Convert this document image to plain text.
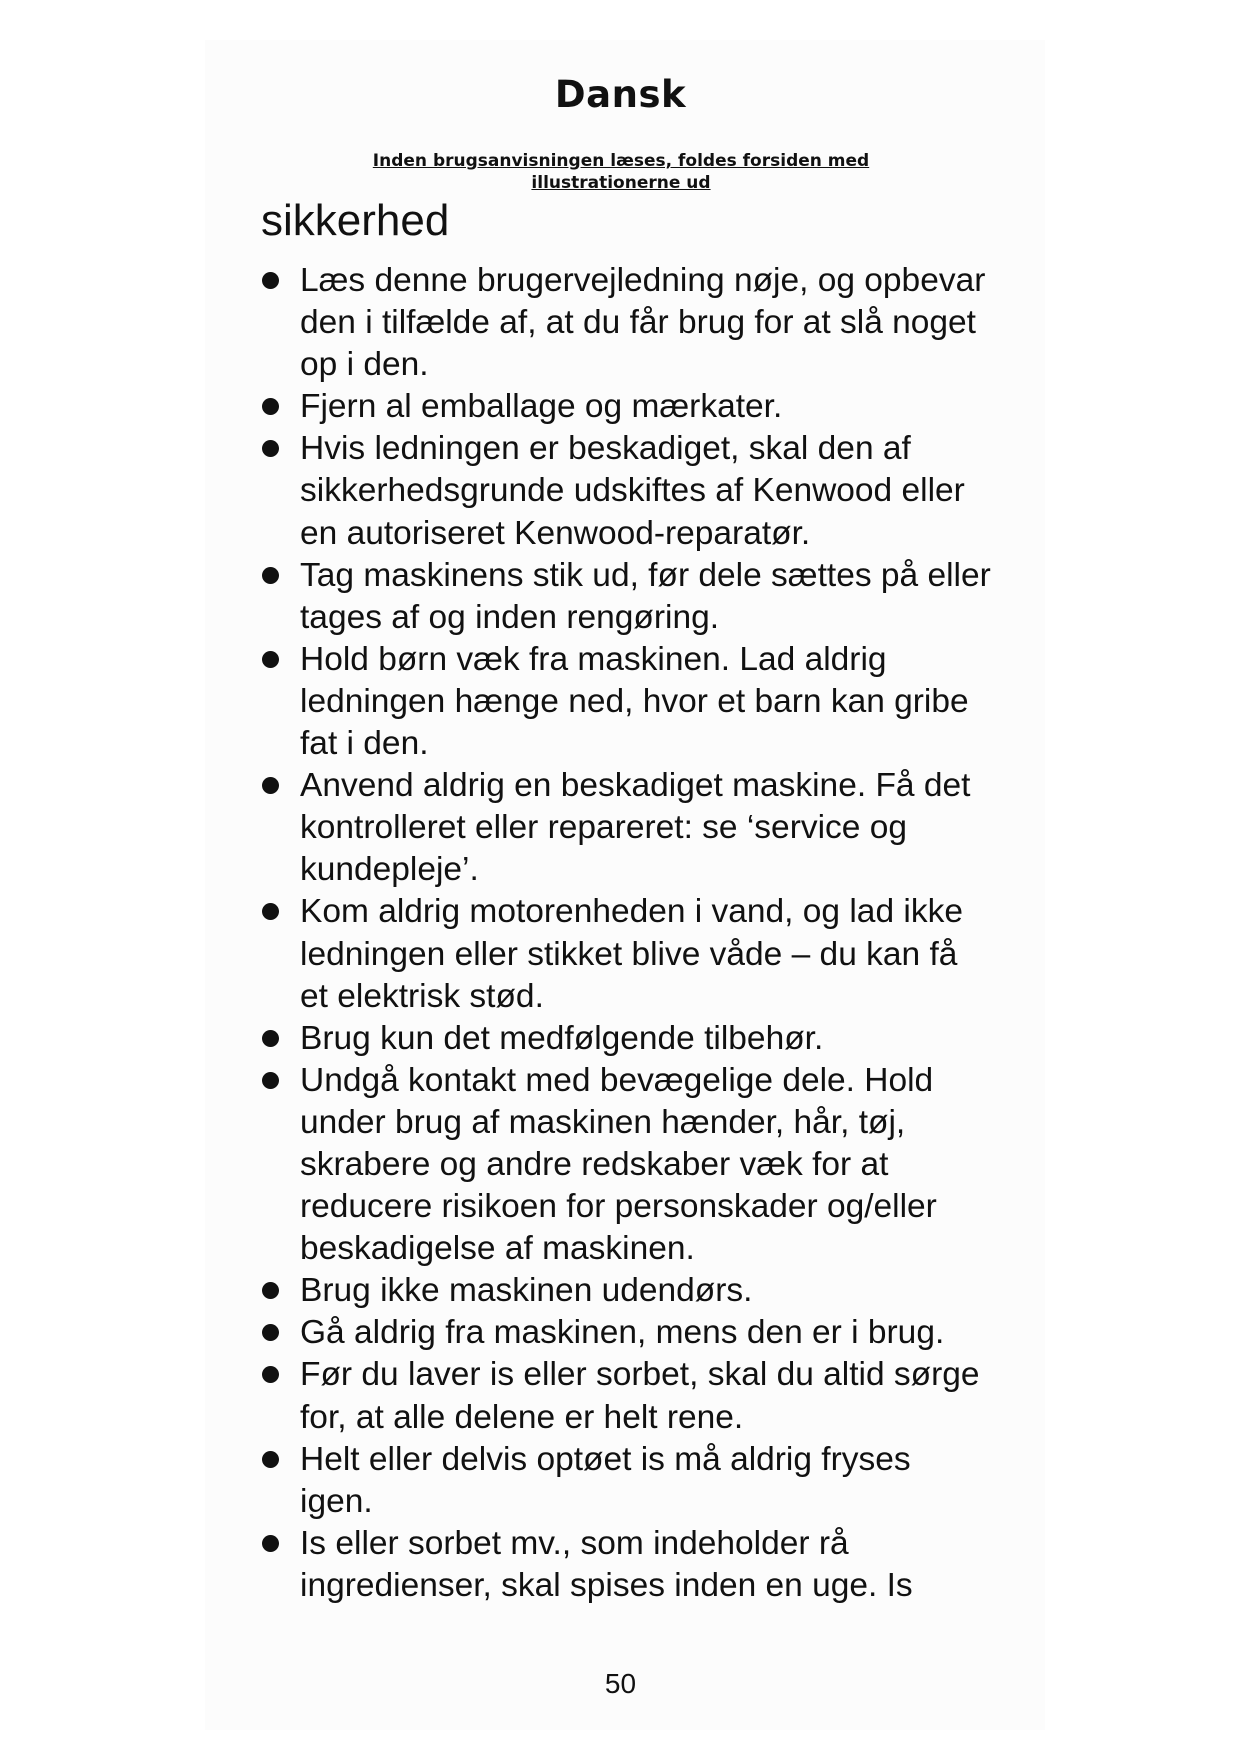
Dansk

Inden brugsanvisningen læses, foldes forsiden med illustrationerne ud

sikkerhed
Læs denne brugervejledning nøje, og opbevar den i tilfælde af, at du får brug for at slå noget op i den.
Fjern al emballage og mærkater.
Hvis ledningen er beskadiget, skal den af sikkerhedsgrunde udskiftes af Kenwood eller en autoriseret Kenwood-reparatør.
Tag maskinens stik ud, før dele sættes på eller tages af og inden rengøring.
Hold børn væk fra maskinen. Lad aldrig ledningen hænge ned, hvor et barn kan gribe fat i den.
Anvend aldrig en beskadiget maskine. Få det kontrolleret eller repareret: se ‘service og kundepleje’.
Kom aldrig motorenheden i vand, og lad ikke ledningen eller stikket blive våde – du kan få et elektrisk stød.
Brug kun det medfølgende tilbehør.
Undgå kontakt med bevægelige dele. Hold under brug af maskinen hænder, hår, tøj, skrabere og andre redskaber væk for at reducere risikoen for personskader og/eller beskadigelse af maskinen.
Brug ikke maskinen udendørs.
Gå aldrig fra maskinen, mens den er i brug.
Før du laver is eller sorbet, skal du altid sørge for, at alle delene er helt rene.
Helt eller delvis optøet is må aldrig fryses igen.
Is eller sorbet mv., som indeholder rå ingredienser, skal spises inden en uge. Is

50
